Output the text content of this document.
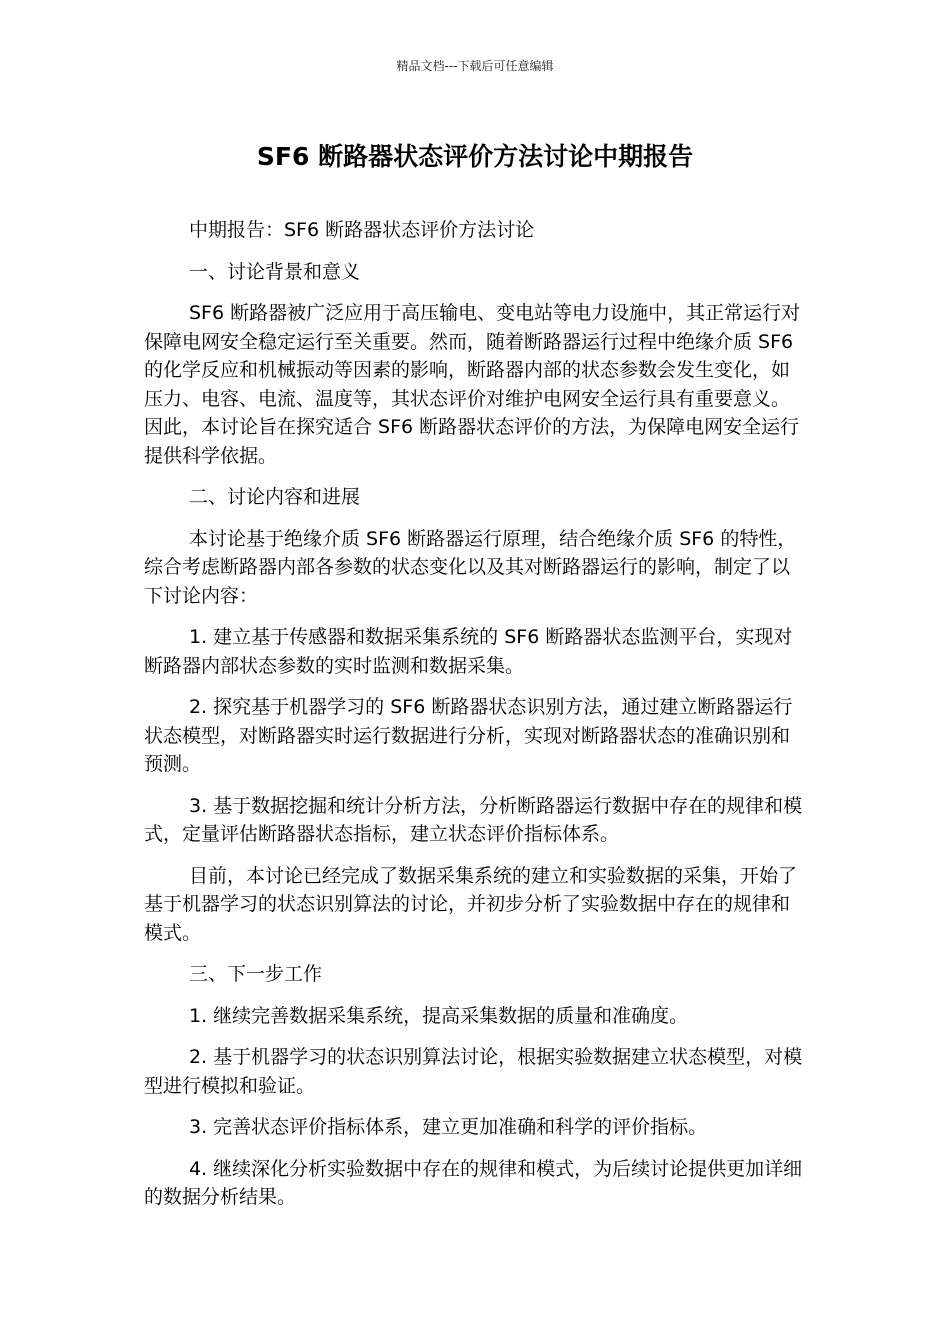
精品文档---下载后可任意编辑
SF6 断路器状态评价方法讨论中期报告

中期报告：SF6 断路器状态评价方法讨论

一、讨论背景和意义

SF6 断路器被广泛应用于高压输电、变电站等电力设施中，其正常运行对保障电网安全稳定运行至关重要。然而，随着断路器运行过程中绝缘介质 SF6 的化学反应和机械振动等因素的影响，断路器内部的状态参数会发生变化，如压力、电容、电流、温度等，其状态评价对维护电网安全运行具有重要意义。因此，本讨论旨在探究适合 SF6 断路器状态评价的方法，为保障电网安全运行提供科学依据。

二、讨论内容和进展

本讨论基于绝缘介质 SF6 断路器运行原理，结合绝缘介质 SF6 的特性，综合考虑断路器内部各参数的状态变化以及其对断路器运行的影响，制定了以下讨论内容：

1. 建立基于传感器和数据采集系统的 SF6 断路器状态监测平台，实现对断路器内部状态参数的实时监测和数据采集。

2. 探究基于机器学习的 SF6 断路器状态识别方法，通过建立断路器运行状态模型，对断路器实时运行数据进行分析，实现对断路器状态的准确识别和预测。

3. 基于数据挖掘和统计分析方法，分析断路器运行数据中存在的规律和模式，定量评估断路器状态指标，建立状态评价指标体系。

目前，本讨论已经完成了数据采集系统的建立和实验数据的采集，开始了基于机器学习的状态识别算法的讨论，并初步分析了实验数据中存在的规律和模式。

三、下一步工作

1. 继续完善数据采集系统，提高采集数据的质量和准确度。

2. 基于机器学习的状态识别算法讨论，根据实验数据建立状态模型，对模型进行模拟和验证。

3. 完善状态评价指标体系，建立更加准确和科学的评价指标。

4. 继续深化分析实验数据中存在的规律和模式，为后续讨论提供更加详细的数据分析结果。
